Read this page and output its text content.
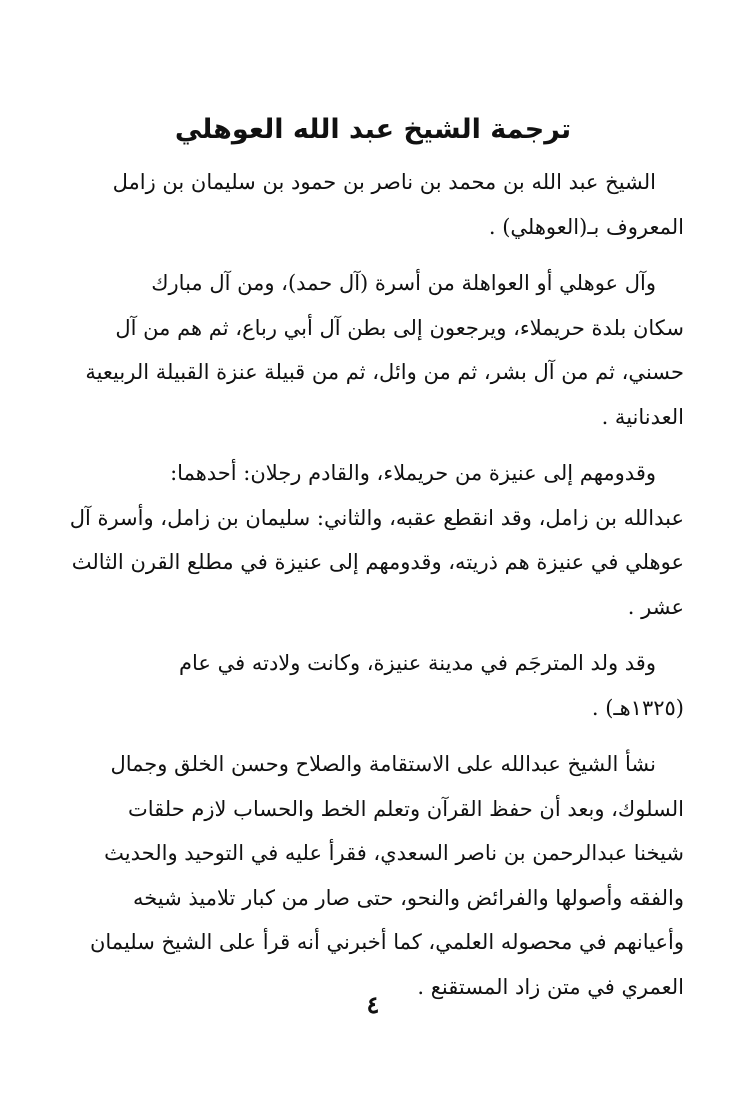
ترجمة الشيخ عبد الله العوهلي
الشيخ عبد الله بن محمد بن ناصر بن حمود بن سليمان بن زامل
المعروف بـ(العوهلي) .
وآل عوهلي أو العواهلة من أسرة (آل حمد)، ومن آل مبارك
سكان بلدة حريملاء، ويرجعون إلى بطن آل أبي رباع، ثم هم من آل
حسني، ثم من آل بشر، ثم من وائل، ثم من قبيلة عنزة القبيلة الربيعية
العدنانية .
وقدومهم إلى عنيزة من حريملاء، والقادم رجلان: أحدهما:
عبدالله بن زامل، وقد انقطع عقبه، والثاني: سليمان بن زامل، وأسرة آل
عوهلي في عنيزة هم ذريته، وقدومهم إلى عنيزة في مطلع القرن الثالث
عشر .
وقد ولد المترجَم في مدينة عنيزة، وكانت ولادته في عام
(١٣٢٥هـ) .
نشأ الشيخ عبدالله على الاستقامة والصلاح وحسن الخلق وجمال
السلوك، وبعد أن حفظ القرآن وتعلم الخط والحساب لازم حلقات
شيخنا عبدالرحمن بن ناصر السعدي، فقرأ عليه في التوحيد والحديث
والفقه وأصولها والفرائض والنحو، حتى صار من كبار تلاميذ شيخه
وأعيانهم في محصوله العلمي، كما أخبرني أنه قرأ على الشيخ سليمان
العمري في متن زاد المستقنع .
٤
